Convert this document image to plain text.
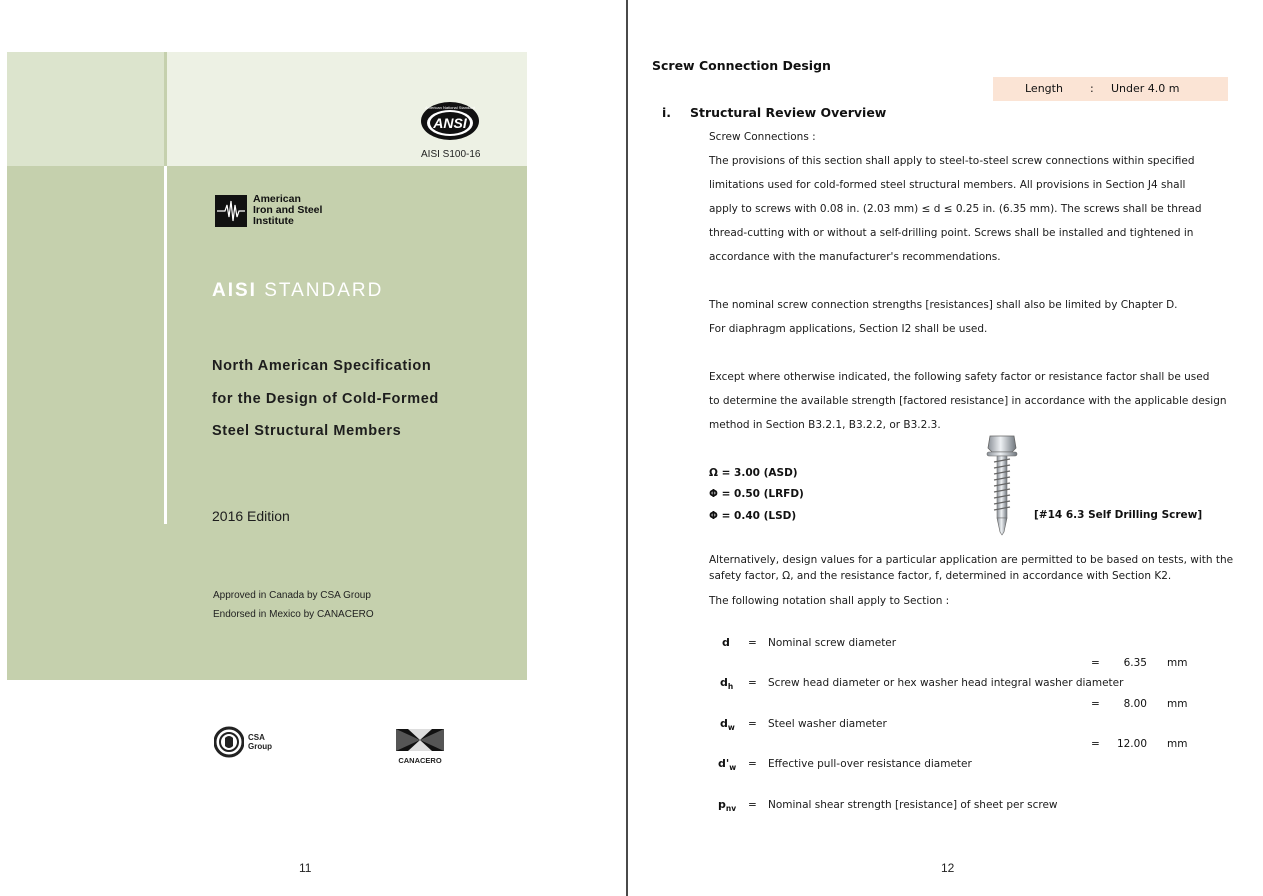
ANSI
American National Standard
AISI S100-16
American
Iron and Steel
Institute
AISI STANDARD
North American Specification
for the Design of Cold-Formed
Steel Structural Members
2016 Edition
Approved in Canada by CSA Group
Endorsed in Mexico by CANACERO
CSA
Group
CANACERO
11
Screw Connection Design
Length : Under 4.0 m
i. Structural Review Overview
Screw Connections :
The provisions of this section shall apply to steel-to-steel screw connections within specified
limitations used for cold-formed steel structural members. All provisions in Section J4 shall
apply to screws with 0.08 in. (2.03 mm) ≤ d ≤ 0.25 in. (6.35 mm). The screws shall be thread
thread-cutting with or without a self-drilling point. Screws shall be installed and tightened in
accordance with the manufacturer's recommendations.
The nominal screw connection strengths [resistances] shall also be limited by Chapter D.
For diaphragm applications, Section I2 shall be used.
Except where otherwise indicated, the following safety factor or resistance factor shall be used
to determine the available strength [factored resistance] in accordance with the applicable design
method in Section B3.2.1, B3.2.2, or B3.2.3.
Ω = 3.00 (ASD)
Φ = 0.50 (LRFD)
Φ = 0.40 (LSD)	[#14 6.3 Self Drilling Screw]
Alternatively, design values for a particular application are permitted to be based on tests, with the
safety factor, Ω, and the resistance factor, f, determined in accordance with Section K2.
The following notation shall apply to Section :
d = Nominal screw diameter
=	6.35 mm
$d_h$ = Screw head diameter or hex washer head integral washer diameter
=	8.00 mm
$d_w$ = Steel washer diameter
=	12.00 mm
$d'_w$ = Effective pull-over resistance diameter
$p_{nv}$ = Nominal shear strength [resistance] of sheet per screw
12
